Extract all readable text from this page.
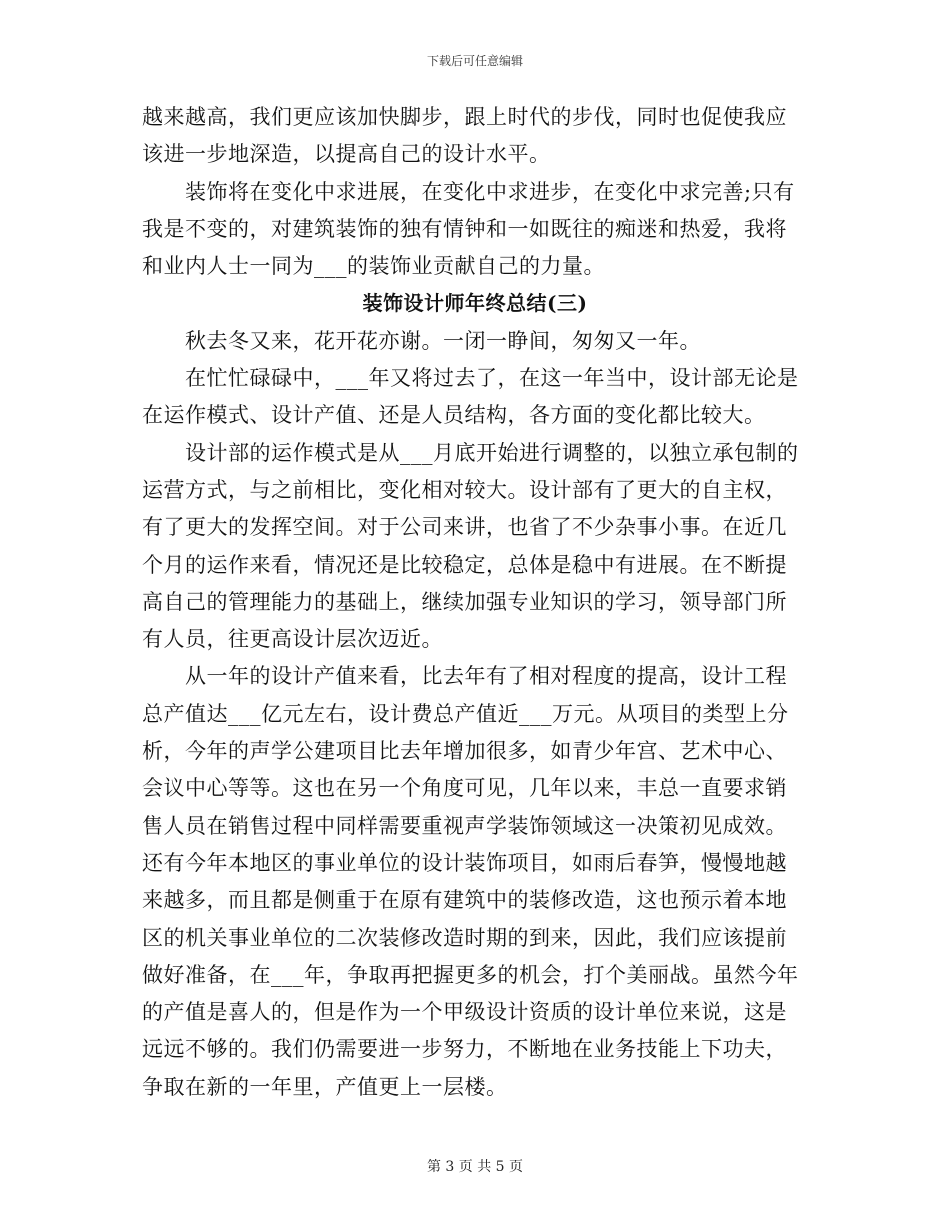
下载后可任意编辑
越来越高，我们更应该加快脚步，跟上时代的步伐，同时也促使我应
该进一步地深造，以提高自己的设计水平。
装饰将在变化中求进展，在变化中求进步，在变化中求完善;只有
我是不变的，对建筑装饰的独有情钟和一如既往的痴迷和热爱，我将
和业内人士一同为___的装饰业贡献自己的力量。
装饰设计师年终总结(三)
秋去冬又来，花开花亦谢。一闭一睁间，匆匆又一年。
在忙忙碌碌中，___年又将过去了，在这一年当中，设计部无论是
在运作模式、设计产值、还是人员结构，各方面的变化都比较大。
设计部的运作模式是从___月底开始进行调整的，以独立承包制的
运营方式，与之前相比，变化相对较大。设计部有了更大的自主权，
有了更大的发挥空间。对于公司来讲，也省了不少杂事小事。在近几
个月的运作来看，情况还是比较稳定，总体是稳中有进展。在不断提
高自己的管理能力的基础上，继续加强专业知识的学习，领导部门所
有人员，往更高设计层次迈近。
从一年的设计产值来看，比去年有了相对程度的提高，设计工程
总产值达___亿元左右，设计费总产值近___万元。从项目的类型上分
析，今年的声学公建项目比去年增加很多，如青少年宫、艺术中心、
会议中心等等。这也在另一个角度可见，几年以来，丰总一直要求销
售人员在销售过程中同样需要重视声学装饰领域这一决策初见成效。
还有今年本地区的事业单位的设计装饰项目，如雨后春笋，慢慢地越
来越多，而且都是侧重于在原有建筑中的装修改造，这也预示着本地
区的机关事业单位的二次装修改造时期的到来，因此，我们应该提前
做好准备，在___年，争取再把握更多的机会，打个美丽战。虽然今年
的产值是喜人的，但是作为一个甲级设计资质的设计单位来说，这是
远远不够的。我们仍需要进一步努力，不断地在业务技能上下功夫，
争取在新的一年里，产值更上一层楼。
第 3 页 共 5 页
